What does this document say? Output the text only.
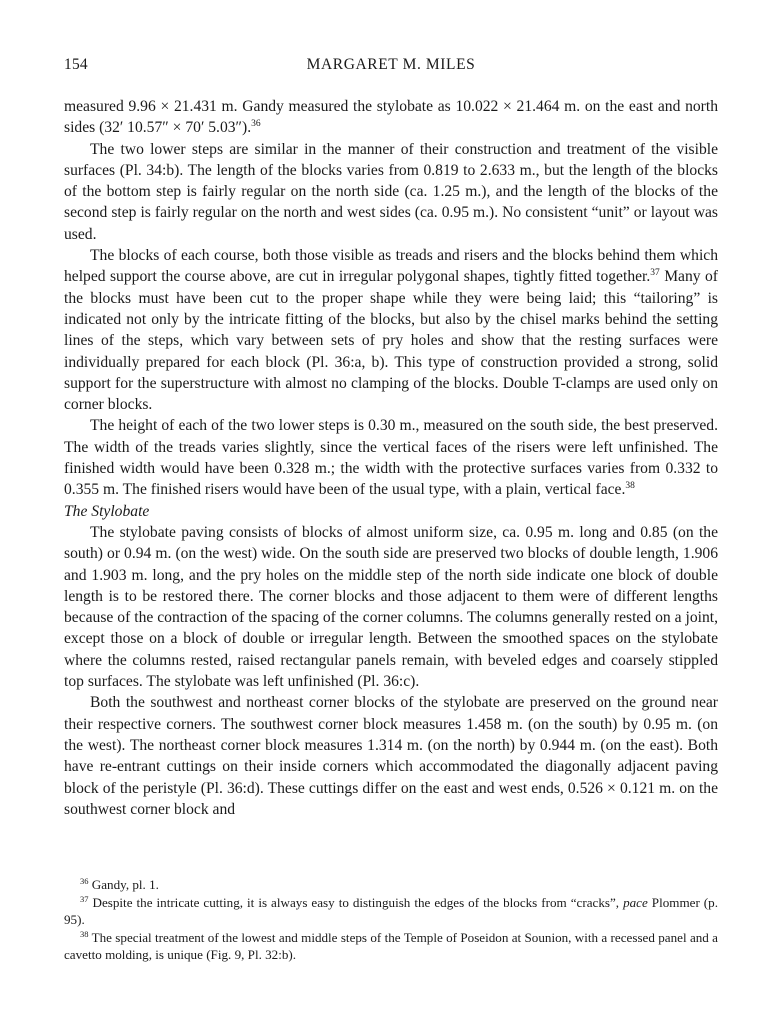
154	MARGARET M. MILES

measured 9.96 × 21.431 m. Gandy measured the stylobate as 10.022 × 21.464 m. on the east and north sides (32′ 10.57″ × 70′ 5.03″).$^{36}$

The two lower steps are similar in the manner of their construction and treatment of the visible surfaces (Pl. 34:b). The length of the blocks varies from 0.819 to 2.633 m., but the length of the blocks of the bottom step is fairly regular on the north side (ca. 1.25 m.), and the length of the blocks of the second step is fairly regular on the north and west sides (ca. 0.95 m.). No consistent “unit” or layout was used.

The blocks of each course, both those visible as treads and risers and the blocks behind them which helped support the course above, are cut in irregular polygonal shapes, tightly fitted together.$^{37}$ Many of the blocks must have been cut to the proper shape while they were being laid; this “tailoring” is indicated not only by the intricate fitting of the blocks, but also by the chisel marks behind the setting lines of the steps, which vary between sets of pry holes and show that the resting surfaces were individually prepared for each block (Pl. 36:a, b). This type of construction provided a strong, solid support for the superstructure with almost no clamping of the blocks. Double T-clamps are used only on corner blocks.

The height of each of the two lower steps is 0.30 m., measured on the south side, the best preserved. The width of the treads varies slightly, since the vertical faces of the risers were left unfinished. The finished width would have been 0.328 m.; the width with the protective surfaces varies from 0.332 to 0.355 m. The finished risers would have been of the usual type, with a plain, vertical face.$^{38}$

The Stylobate

The stylobate paving consists of blocks of almost uniform size, ca. 0.95 m. long and 0.85 (on the south) or 0.94 m. (on the west) wide. On the south side are preserved two blocks of double length, 1.906 and 1.903 m. long, and the pry holes on the middle step of the north side indicate one block of double length is to be restored there. The corner blocks and those adjacent to them were of different lengths because of the contraction of the spacing of the corner columns. The columns generally rested on a joint, except those on a block of double or irregular length. Between the smoothed spaces on the stylobate where the columns rested, raised rectangular panels remain, with beveled edges and coarsely stippled top surfaces. The stylobate was left unfinished (Pl. 36:c).

Both the southwest and northeast corner blocks of the stylobate are preserved on the ground near their respective corners. The southwest corner block measures 1.458 m. (on the south) by 0.95 m. (on the west). The northeast corner block measures 1.314 m. (on the north) by 0.944 m. (on the east). Both have re-entrant cuttings on their inside corners which accommodated the diagonally adjacent paving block of the peristyle (Pl. 36:d). These cuttings differ on the east and west ends, 0.526 × 0.121 m. on the southwest corner block and

$^{36}$ Gandy, pl. 1.

$^{37}$ Despite the intricate cutting, it is always easy to distinguish the edges of the blocks from “cracks”, pace Plommer (p. 95).

$^{38}$ The special treatment of the lowest and middle steps of the Temple of Poseidon at Sounion, with a recessed panel and a cavetto molding, is unique (Fig. 9, Pl. 32:b).
